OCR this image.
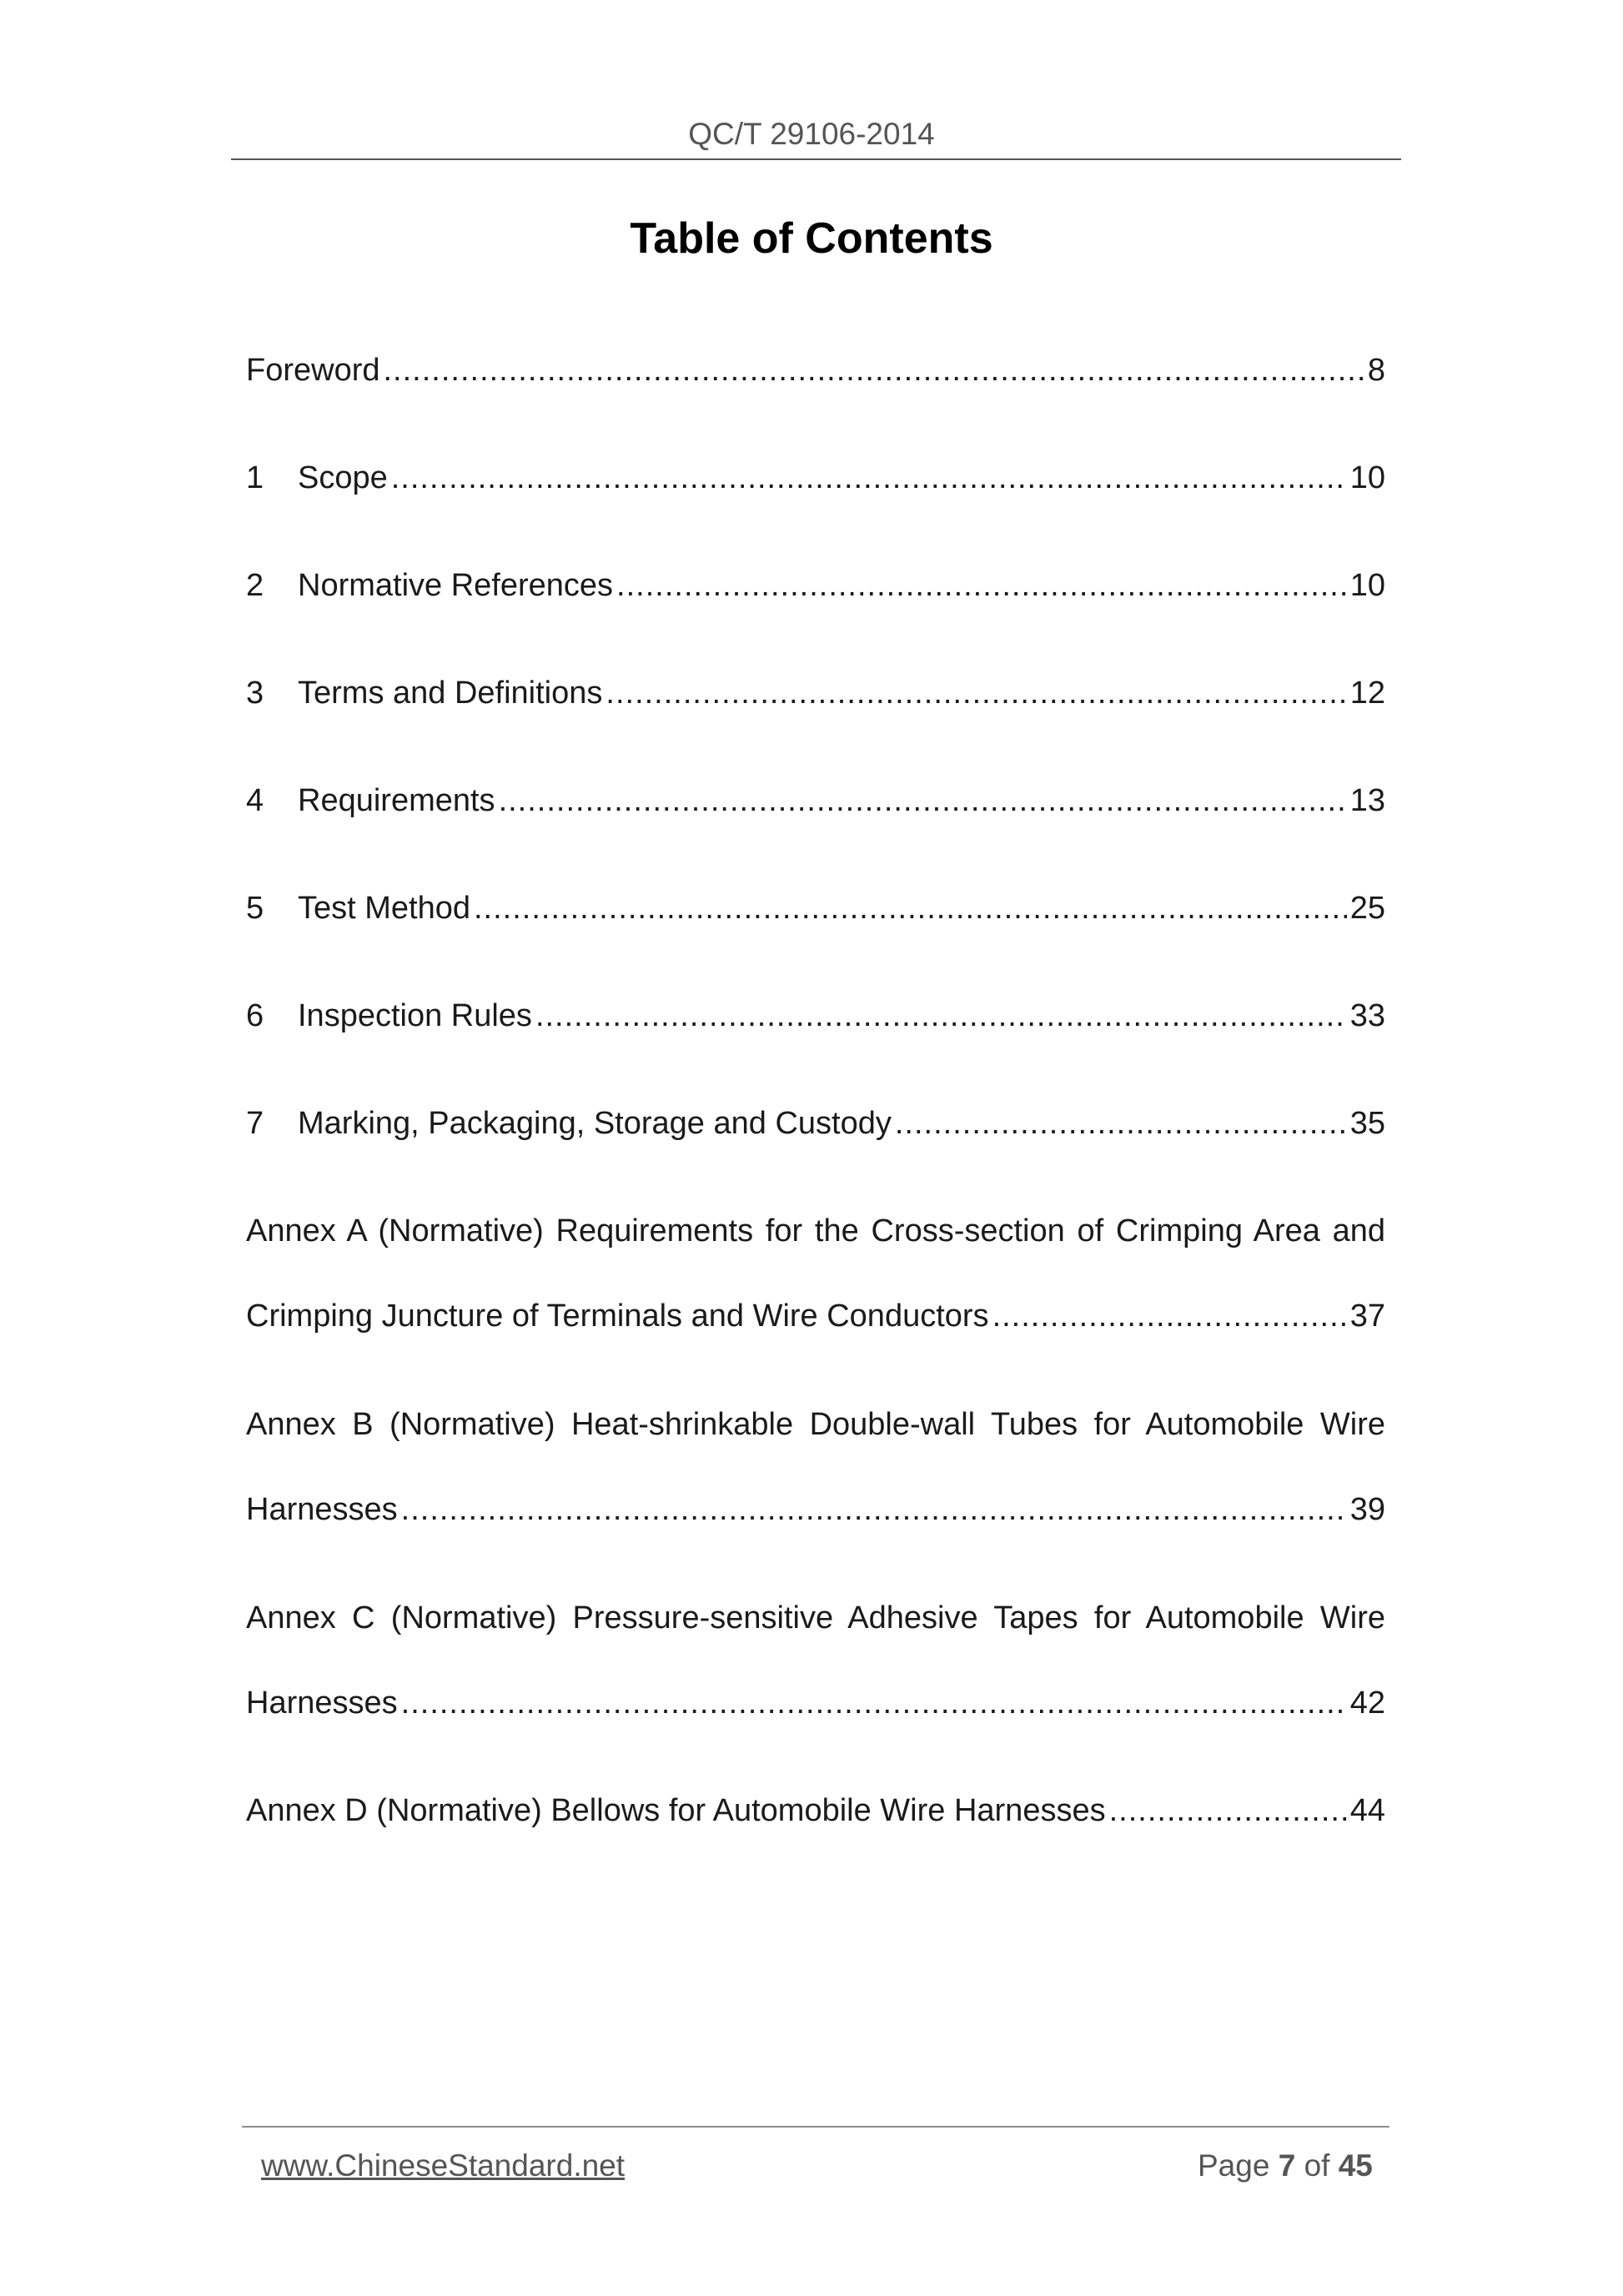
QC/T 29106-2014
Table of Contents
Foreword .....	8
1	Scope .....	10
2	Normative References .....	10
3	Terms and Definitions .....	12
4	Requirements .....	13
5	Test Method .....	25
6	Inspection Rules .....	33
7	Marking, Packaging, Storage and Custody .....	35
Annex A (Normative) Requirements for the Cross-section of Crimping Area and
Crimping Juncture of Terminals and Wire Conductors .....	37
Annex B (Normative) Heat-shrinkable Double-wall Tubes for Automobile Wire
Harnesses .....	39
Annex C (Normative) Pressure-sensitive Adhesive Tapes for Automobile Wire
Harnesses .....	42
Annex D (Normative) Bellows for Automobile Wire Harnesses .....	44
www.ChineseStandard.net	Page 7 of 45
